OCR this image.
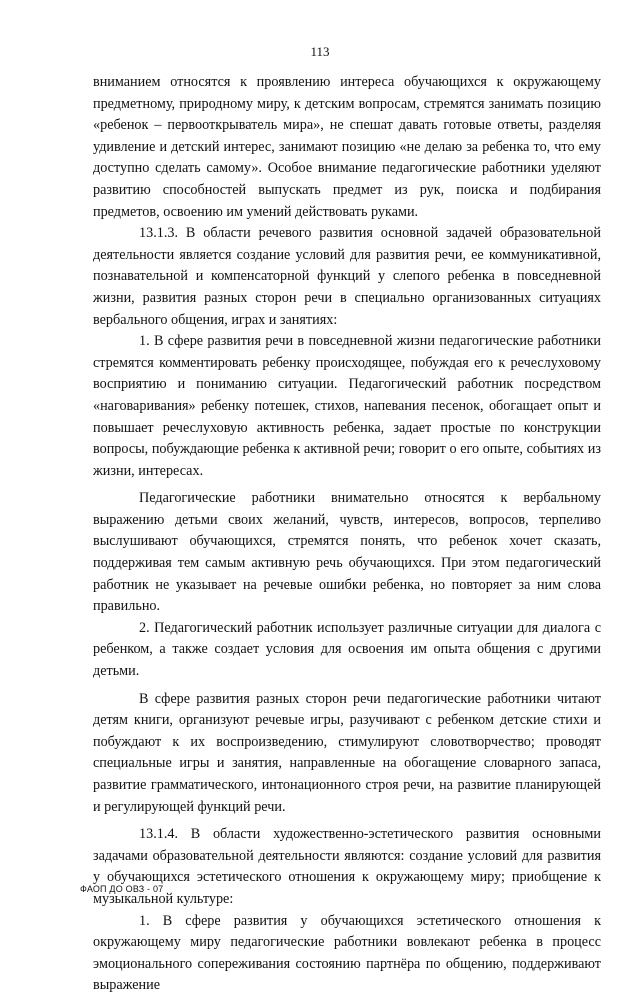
113

вниманием относятся к проявлению интереса обучающихся к окружающему предметному, природному миру, к детским вопросам, стремятся занимать позицию «ребенок – первооткрыватель мира», не спешат давать готовые ответы, разделяя удивление и детский интерес, занимают позицию «не делаю за ребенка то, что ему доступно сделать самому». Особое внимание педагогические работники уделяют развитию способностей выпускать предмет из рук, поиска и подбирания предметов, освоению им умений действовать руками.

13.1.3. В области речевого развития основной задачей образовательной деятельности является создание условий для развития речи, ее коммуникативной, познавательной и компенсаторной функций у слепого ребенка в повседневной жизни, развития разных сторон речи в специально организованных ситуациях вербального общения, играх и занятиях:

1. В сфере развития речи в повседневной жизни педагогические работники стремятся комментировать ребенку происходящее, побуждая его к речеслуховому восприятию и пониманию ситуации. Педагогический работник посредством «наговаривания» ребенку потешек, стихов, напевания песенок, обогащает опыт и повышает речеслуховую активность ребенка, задает простые по конструкции вопросы, побуждающие ребенка к активной речи; говорит о его опыте, событиях из жизни, интересах.

Педагогические работники внимательно относятся к вербальному выражению детьми своих желаний, чувств, интересов, вопросов, терпеливо выслушивают обучающихся, стремятся понять, что ребенок хочет сказать, поддерживая тем самым активную речь обучающихся. При этом педагогический работник не указывает на речевые ошибки ребенка, но повторяет за ним слова правильно.

2. Педагогический работник использует различные ситуации для диалога с ребенком, а также создает условия для освоения им опыта общения с другими детьми.

В сфере развития разных сторон речи педагогические работники читают детям книги, организуют речевые игры, разучивают с ребенком детские стихи и побуждают к их воспроизведению, стимулируют словотворчество; проводят специальные игры и занятия, направленные на обогащение словарного запаса, развитие грамматического, интонационного строя речи, на развитие планирующей и регулирующей функций речи.

13.1.4. В области художественно-эстетического развития основными задачами образовательной деятельности являются: создание условий для развития у обучающихся эстетического отношения к окружающему миру; приобщение к музыкальной культуре:

1. В сфере развития у обучающихся эстетического отношения к окружающему миру педагогические работники вовлекают ребенка в процесс эмоционального сопереживания состоянию партнёра по общению, поддерживают выражение

ФАОП ДО ОВЗ - 07
